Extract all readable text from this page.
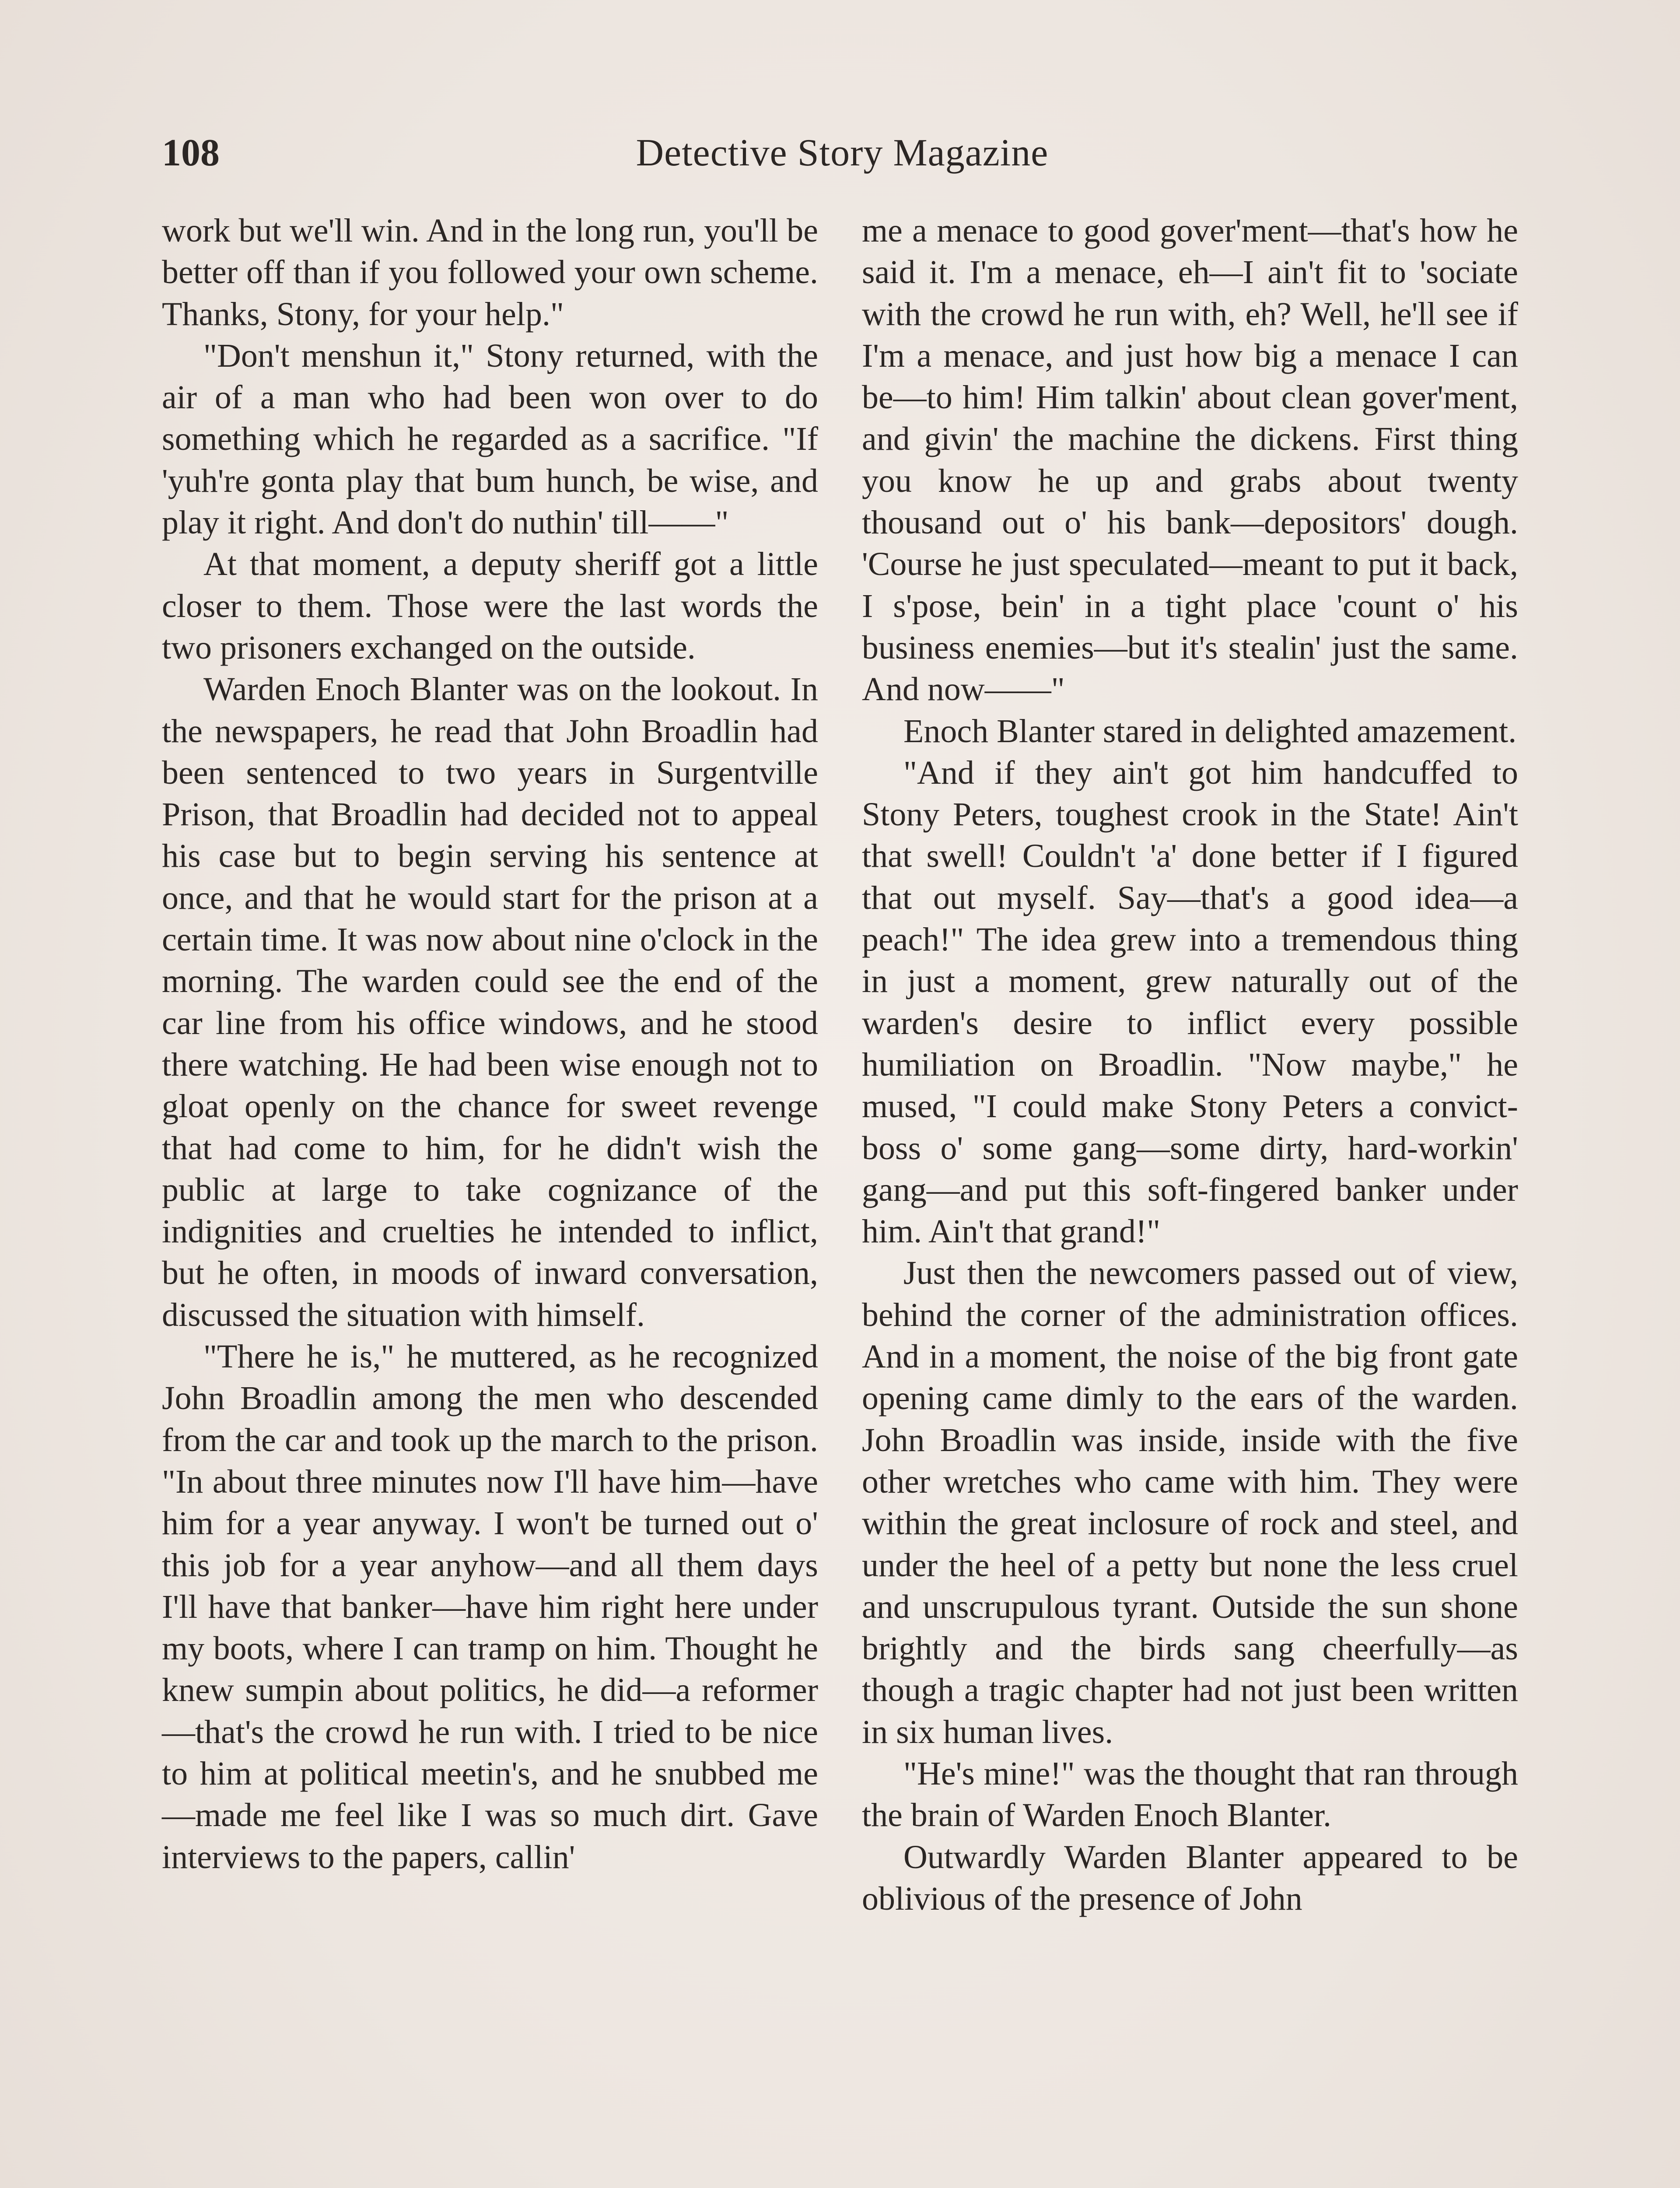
108	Detective Story Magazine

work but we'll win. And in the long run, you'll be better off than if you followed your own scheme. Thanks, Stony, for your help."

"Don't menshun it," Stony returned, with the air of a man who had been won over to do something which he regarded as a sacrifice. "If 'yuh're gonta play that bum hunch, be wise, and play it right. And don't do nuthin' till——"

At that moment, a deputy sheriff got a little closer to them. Those were the last words the two prisoners exchanged on the outside.

Warden Enoch Blanter was on the lookout. In the newspapers, he read that John Broadlin had been sentenced to two years in Surgentville Prison, that Broadlin had decided not to appeal his case but to begin serving his sentence at once, and that he would start for the prison at a certain time. It was now about nine o'clock in the morning. The warden could see the end of the car line from his office windows, and he stood there watching. He had been wise enough not to gloat openly on the chance for sweet revenge that had come to him, for he didn't wish the public at large to take cognizance of the indignities and cruelties he intended to inflict, but he often, in moods of inward conversation, discussed the situation with himself.

"There he is," he muttered, as he recognized John Broadlin among the men who descended from the car and took up the march to the prison. "In about three minutes now I'll have him—have him for a year anyway. I won't be turned out o' this job for a year anyhow—and all them days I'll have that banker—have him right here under my boots, where I can tramp on him. Thought he knew sumpin about politics, he did—a reformer—that's the crowd he run with. I tried to be nice to him at political meetin's, and he snubbed me—made me feel like I was so much dirt. Gave interviews to the papers, callin'

me a menace to good gover'ment—that's how he said it. I'm a menace, eh—I ain't fit to 'sociate with the crowd he run with, eh? Well, he'll see if I'm a menace, and just how big a menace I can be—to him! Him talkin' about clean gover'ment, and givin' the machine the dickens. First thing you know he up and grabs about twenty thousand out o' his bank—depositors' dough. 'Course he just speculated—meant to put it back, I s'pose, bein' in a tight place 'count o' his business enemies—but it's stealin' just the same. And now——"

Enoch Blanter stared in delighted amazement.

"And if they ain't got him handcuffed to Stony Peters, toughest crook in the State! Ain't that swell! Couldn't 'a' done better if I figured that out myself. Say—that's a good idea—a peach!" The idea grew into a tremendous thing in just a moment, grew naturally out of the warden's desire to inflict every possible humiliation on Broadlin. "Now maybe," he mused, "I could make Stony Peters a convict-boss o' some gang—some dirty, hard-workin' gang—and put this soft-fingered banker under him. Ain't that grand!"

Just then the newcomers passed out of view, behind the corner of the administration offices. And in a moment, the noise of the big front gate opening came dimly to the ears of the warden. John Broadlin was inside, inside with the five other wretches who came with him. They were within the great inclosure of rock and steel, and under the heel of a petty but none the less cruel and unscrupulous tyrant. Outside the sun shone brightly and the birds sang cheerfully—as though a tragic chapter had not just been written in six human lives.

"He's mine!" was the thought that ran through the brain of Warden Enoch Blanter.

Outwardly Warden Blanter appeared to be oblivious of the presence of John
